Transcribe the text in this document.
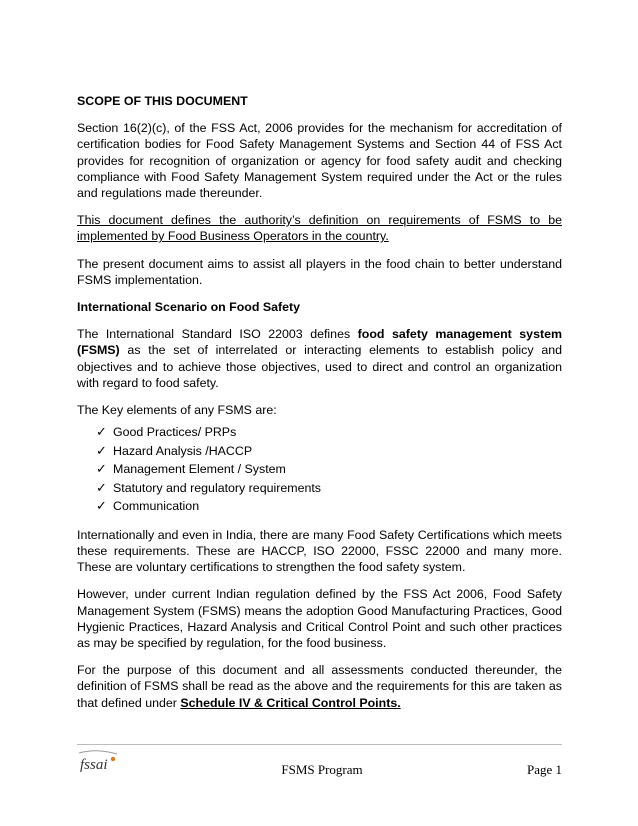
SCOPE OF THIS DOCUMENT

Section 16(2)(c), of the FSS Act, 2006 provides for the mechanism for accreditation of certification bodies for Food Safety Management Systems and Section 44 of FSS Act provides for recognition of organization or agency for food safety audit and checking compliance with Food Safety Management System required under the Act or the rules and regulations made thereunder.

This document defines the authority’s definition on requirements of FSMS to be implemented by Food Business Operators in the country.

The present document aims to assist all players in the food chain to better understand FSMS implementation.

International Scenario on Food Safety

The International Standard ISO 22003 defines food safety management system (FSMS) as the set of interrelated or interacting elements to establish policy and objectives and to achieve those objectives, used to direct and control an organization with regard to food safety.

The Key elements of any FSMS are:

✓ Good Practices/ PRPs
✓ Hazard Analysis /HACCP
✓ Management Element / System
✓ Statutory and regulatory requirements
✓ Communication

Internationally and even in India, there are many Food Safety Certifications which meets these requirements. These are HACCP, ISO 22000, FSSC 22000 and many more. These are voluntary certifications to strengthen the food safety system.

However, under current Indian regulation defined by the FSS Act 2006, Food Safety Management System (FSMS) means the adoption Good Manufacturing Practices, Good Hygienic Practices, Hazard Analysis and Critical Control Point and such other practices as may be specified by regulation, for the food business.

For the purpose of this document and all assessments conducted thereunder, the definition of FSMS shall be read as the above and the requirements for this are taken as that defined under Schedule IV & Critical Control Points.

fssai	FSMS Program	Page 1
